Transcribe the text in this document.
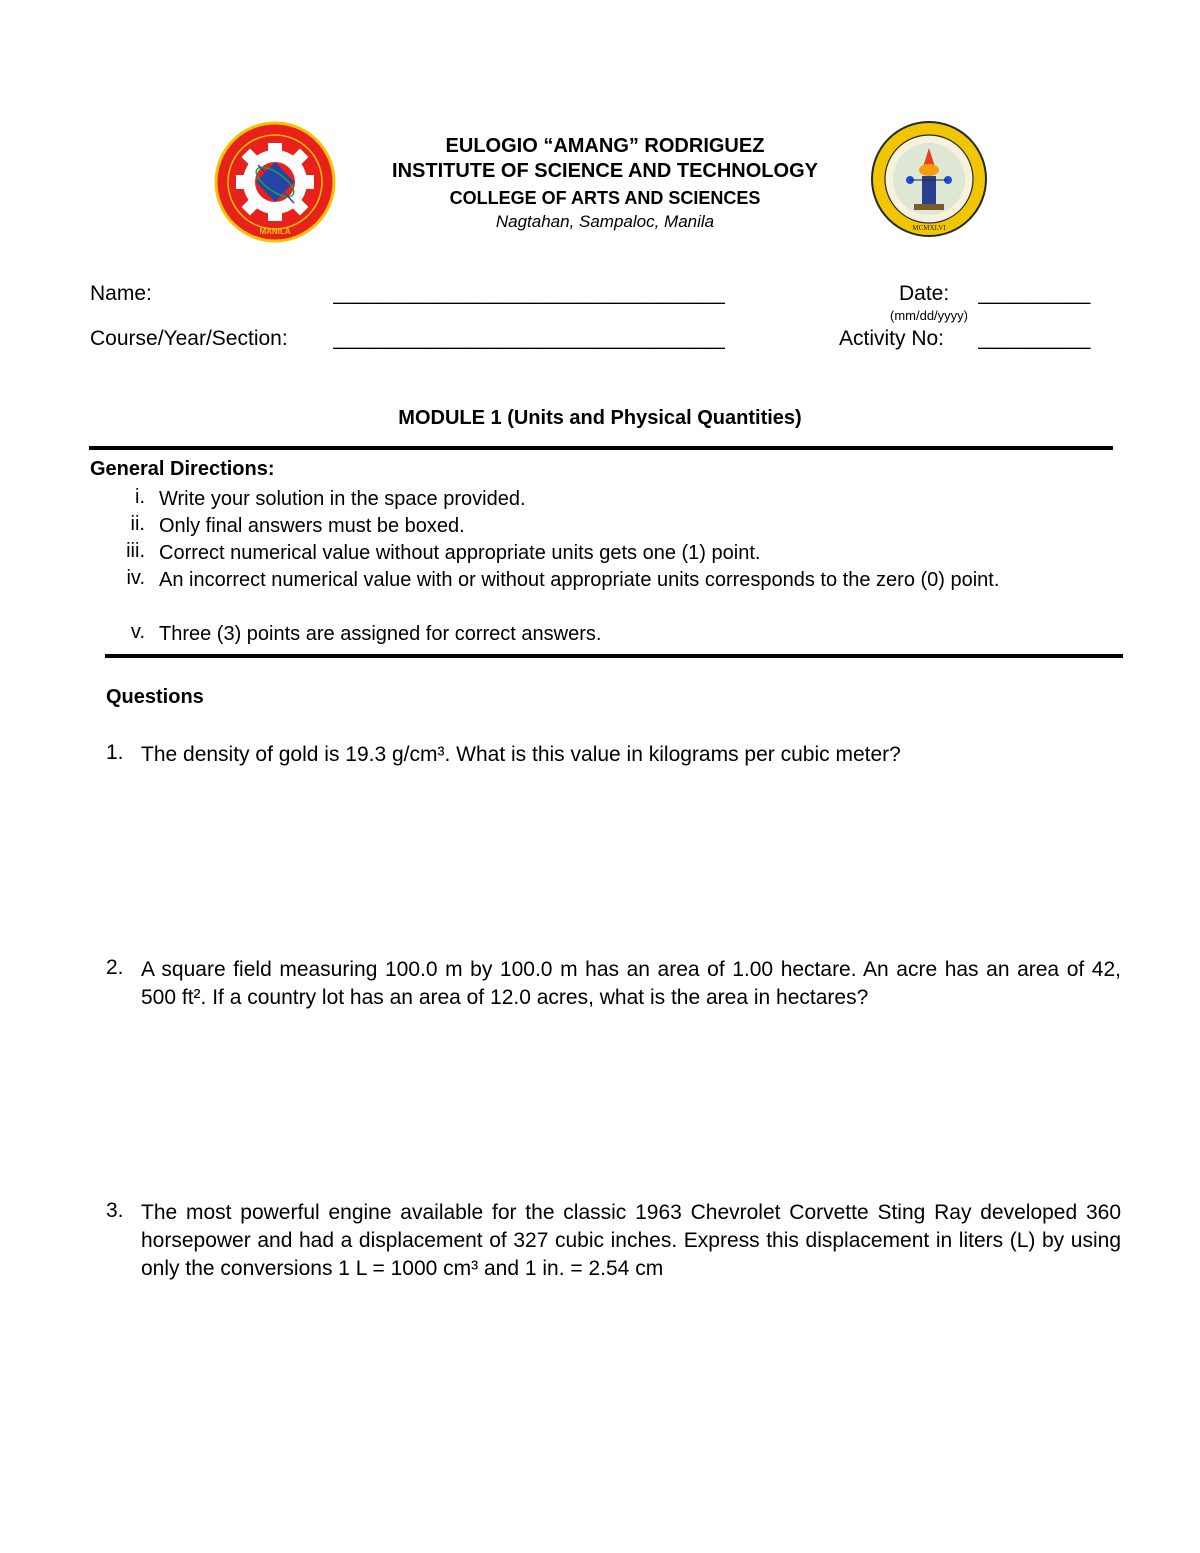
MANILA	MCMXLVI
EULOGIO “AMANG” RODRIGUEZ
INSTITUTE OF SCIENCE AND TECHNOLOGY
COLLEGE OF ARTS AND SCIENCES
Nagtahan, Sampaloc, Manila
Name:	___________________________________	Date: __________
(mm/dd/yyyy)
Course/Year/Section: ___________________________________	Activity No: __________
MODULE 1 (Units and Physical Quantities)
General Directions:
i. Write your solution in the space provided.
ii. Only final answers must be boxed.
iii. Correct numerical value without appropriate units gets one (1) point.
iv. An incorrect numerical value with or without appropriate units corresponds to the zero (0) point.
v. Three (3) points are assigned for correct answers.
Questions
1. The density of gold is 19.3 g/cm³. What is this value in kilograms per cubic meter?
2. A square field measuring 100.0 m by 100.0 m has an area of 1.00 hectare. An acre has an area of 42, 500 ft². If a country lot has an area of 12.0 acres, what is the area in hectares?
3. The most powerful engine available for the classic 1963 Chevrolet Corvette Sting Ray developed 360 horsepower and had a displacement of 327 cubic inches. Express this displacement in liters (L) by using only the conversions 1 L = 1000 cm³ and 1 in. = 2.54 cm
